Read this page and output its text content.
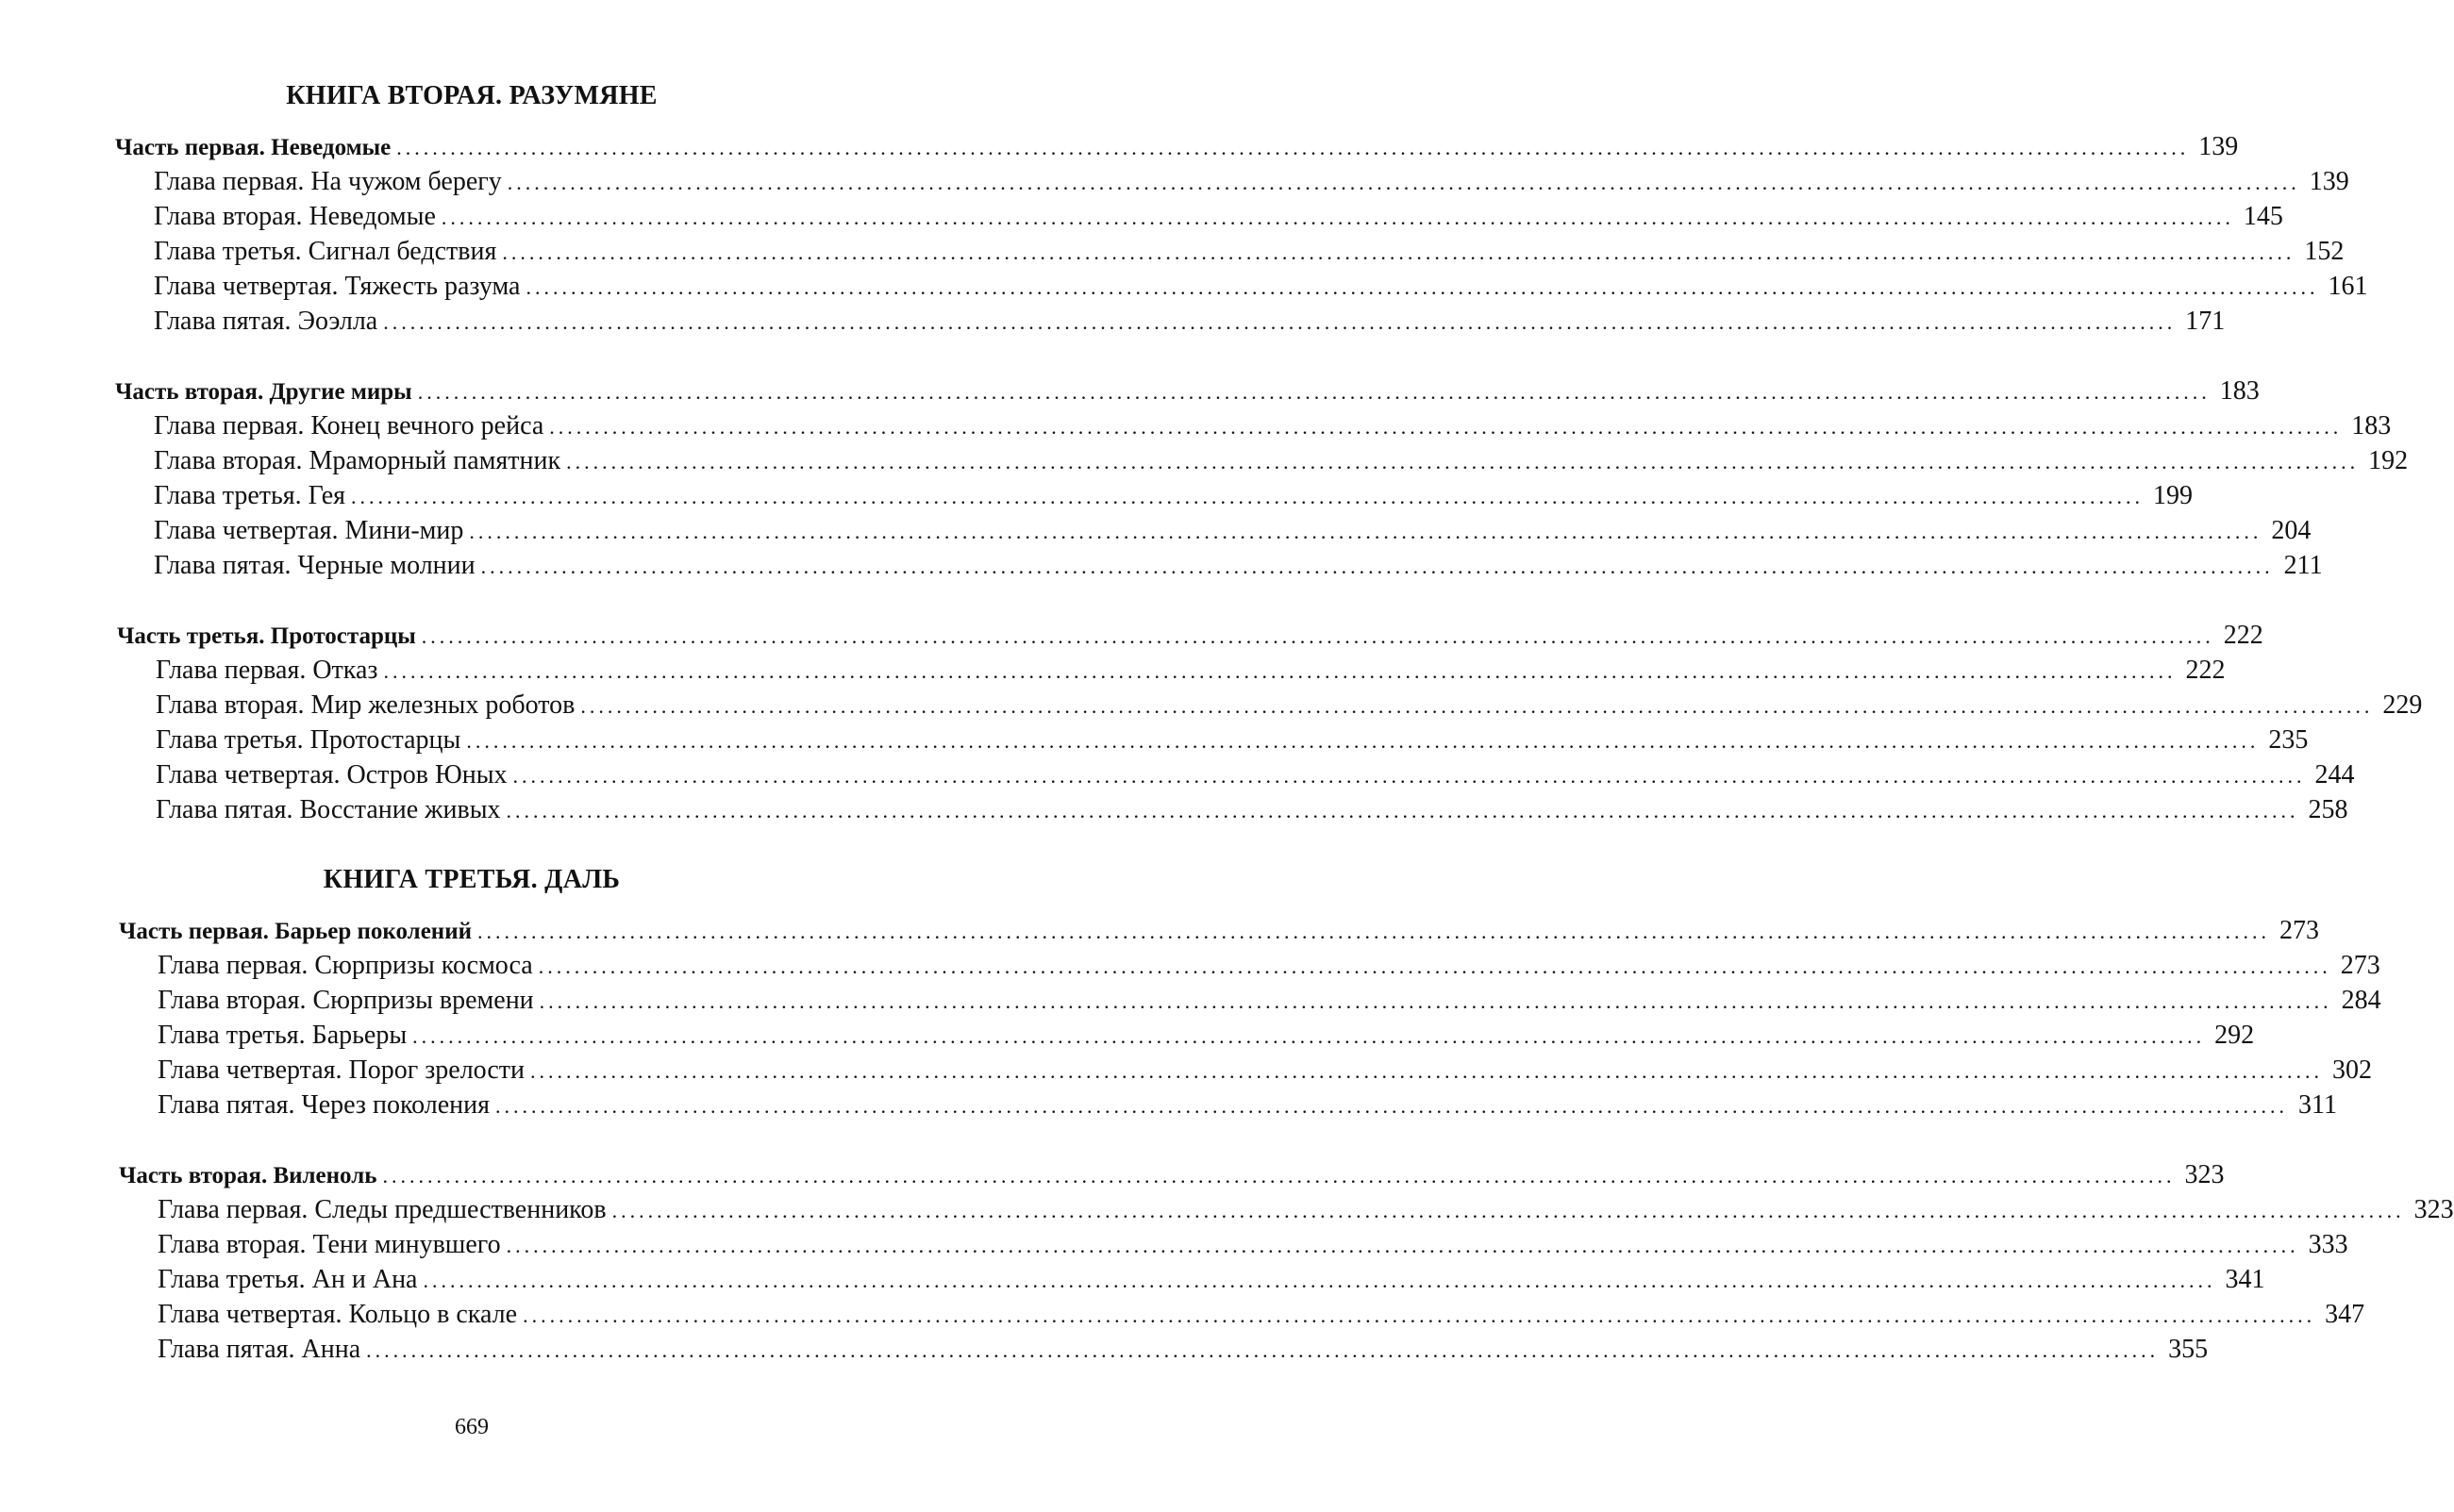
КНИГА ВТОРАЯ. РАЗУМЯНЕ
Часть первая. Неведомые ........................................................................................................................................................................................................ 139
Глава первая. На чужом берегу ........................................................................................................................................................................................................ 139
Глава вторая. Неведомые ........................................................................................................................................................................................................ 145
Глава третья. Сигнал бедствия ........................................................................................................................................................................................................ 152
Глава четвертая. Тяжесть разума ........................................................................................................................................................................................................ 161
Глава пятая. Эоэлла ........................................................................................................................................................................................................ 171
Часть вторая. Другие миры ........................................................................................................................................................................................................ 183
Глава первая. Конец вечного рейса ........................................................................................................................................................................................................ 183
Глава вторая. Мраморный памятник ........................................................................................................................................................................................................ 192
Глава третья. Гея ........................................................................................................................................................................................................ 199
Глава четвертая. Мини-мир ........................................................................................................................................................................................................ 204
Глава пятая. Черные молнии ........................................................................................................................................................................................................ 211
Часть третья. Протостарцы ........................................................................................................................................................................................................ 222
Глава первая. Отказ ........................................................................................................................................................................................................ 222
Глава вторая. Мир железных роботов ........................................................................................................................................................................................................ 229
Глава третья. Протостарцы ........................................................................................................................................................................................................ 235
Глава четвертая. Остров Юных ........................................................................................................................................................................................................ 244
Глава пятая. Восстание живых ........................................................................................................................................................................................................ 258
КНИГА ТРЕТЬЯ. ДАЛЬ
Часть первая. Барьер поколений ........................................................................................................................................................................................................ 273
Глава первая. Сюрпризы космоса ........................................................................................................................................................................................................ 273
Глава вторая. Сюрпризы времени ........................................................................................................................................................................................................ 284
Глава третья. Барьеры ........................................................................................................................................................................................................ 292
Глава четвертая. Порог зрелости ........................................................................................................................................................................................................ 302
Глава пятая. Через поколения ........................................................................................................................................................................................................ 311
Часть вторая. Виленоль ........................................................................................................................................................................................................ 323
Глава первая. Следы предшественников ........................................................................................................................................................................................................ 323
Глава вторая. Тени минувшего ........................................................................................................................................................................................................ 333
Глава третья. Ан и Ана ........................................................................................................................................................................................................ 341
Глава четвертая. Кольцо в скале ........................................................................................................................................................................................................ 347
Глава пятая. Анна ........................................................................................................................................................................................................ 355
669
